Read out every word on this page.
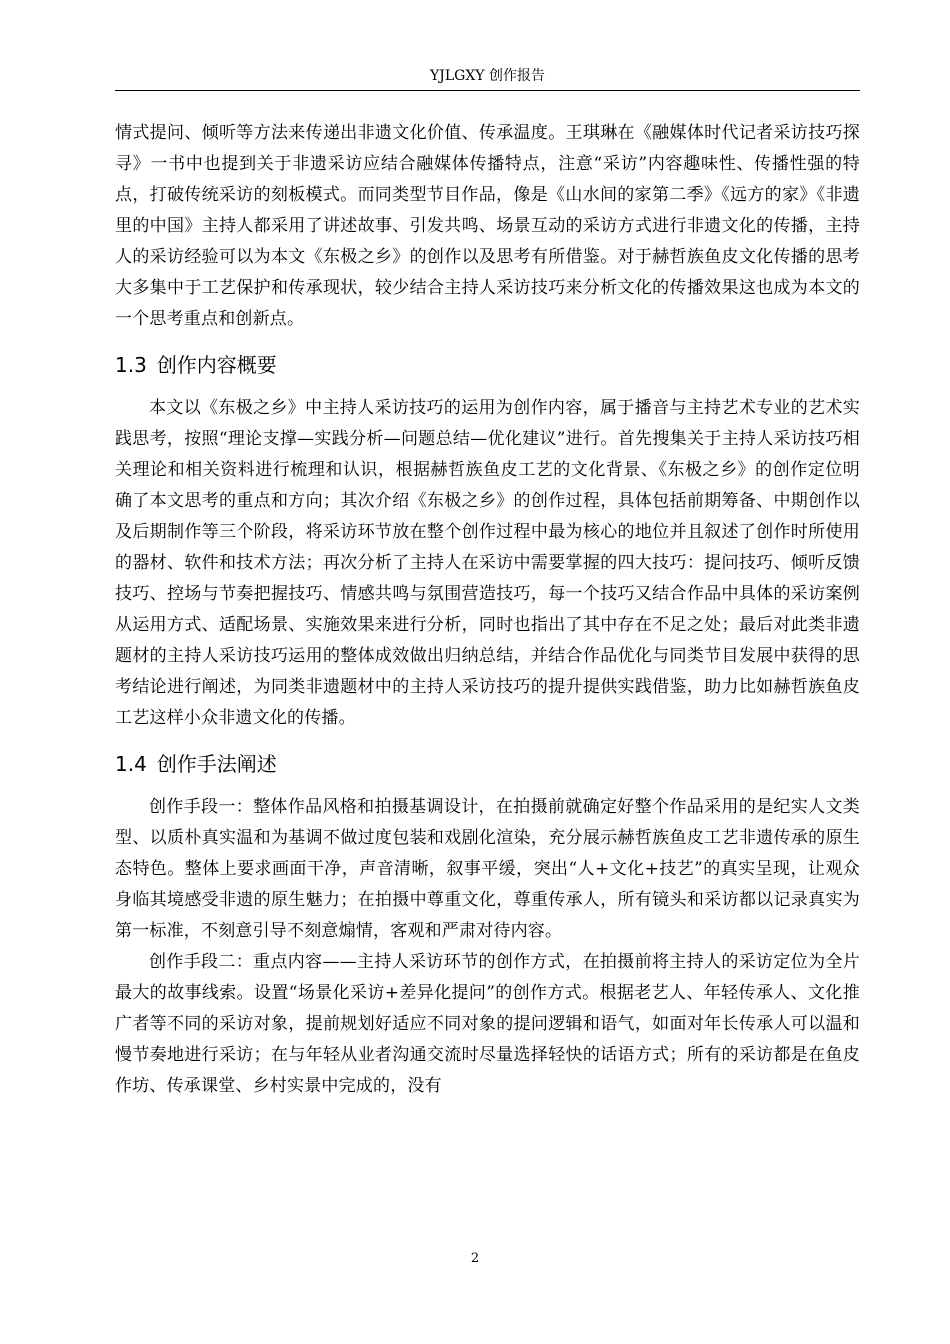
YJLGXY 创作报告

情式提问、倾听等方法来传递出非遗文化价值、传承温度。王琪琳在《融媒体时代记者采访技巧探寻》一书中也提到关于非遗采访应结合融媒体传播特点，注意“采访”内容趣味性、传播性强的特点，打破传统采访的刻板模式。而同类型节目作品，像是《山水间的家第二季》《远方的家》《非遗里的中国》主持人都采用了讲述故事、引发共鸣、场景互动的采访方式进行非遗文化的传播，主持人的采访经验可以为本文《东极之乡》的创作以及思考有所借鉴。对于赫哲族鱼皮文化传播的思考大多集中于工艺保护和传承现状，较少结合主持人采访技巧来分析文化的传播效果这也成为本文的一个思考重点和创新点。

1.3 创作内容概要

本文以《东极之乡》中主持人采访技巧的运用为创作内容，属于播音与主持艺术专业的艺术实践思考，按照“理论支撑—实践分析—问题总结—优化建议”进行。首先搜集关于主持人采访技巧相关理论和相关资料进行梳理和认识，根据赫哲族鱼皮工艺的文化背景、《东极之乡》的创作定位明确了本文思考的重点和方向；其次介绍《东极之乡》的创作过程，具体包括前期筹备、中期创作以及后期制作等三个阶段，将采访环节放在整个创作过程中最为核心的地位并且叙述了创作时所使用的器材、软件和技术方法；再次分析了主持人在采访中需要掌握的四大技巧：提问技巧、倾听反馈技巧、控场与节奏把握技巧、情感共鸣与氛围营造技巧，每一个技巧又结合作品中具体的采访案例从运用方式、适配场景、实施效果来进行分析，同时也指出了其中存在不足之处；最后对此类非遗题材的主持人采访技巧运用的整体成效做出归纳总结，并结合作品优化与同类节目发展中获得的思考结论进行阐述，为同类非遗题材中的主持人采访技巧的提升提供实践借鉴，助力比如赫哲族鱼皮工艺这样小众非遗文化的传播。

1.4 创作手法阐述

创作手段一：整体作品风格和拍摄基调设计，在拍摄前就确定好整个作品采用的是纪实人文类型、以质朴真实温和为基调不做过度包装和戏剧化渲染，充分展示赫哲族鱼皮工艺非遗传承的原生态特色。整体上要求画面干净，声音清晰，叙事平缓，突出“人+文化+技艺”的真实呈现，让观众身临其境感受非遗的原生魅力；在拍摄中尊重文化，尊重传承人，所有镜头和采访都以记录真实为第一标准，不刻意引导不刻意煽情，客观和严肃对待内容。

创作手段二：重点内容——主持人采访环节的创作方式，在拍摄前将主持人的采访定位为全片最大的故事线索。设置“场景化采访+差异化提问”的创作方式。根据老艺人、年轻传承人、文化推广者等不同的采访对象，提前规划好适应不同对象的提问逻辑和语气，如面对年长传承人可以温和慢节奏地进行采访；在与年轻从业者沟通交流时尽量选择轻快的话语方式；所有的采访都是在鱼皮作坊、传承课堂、乡村实景中完成的，没有

2
